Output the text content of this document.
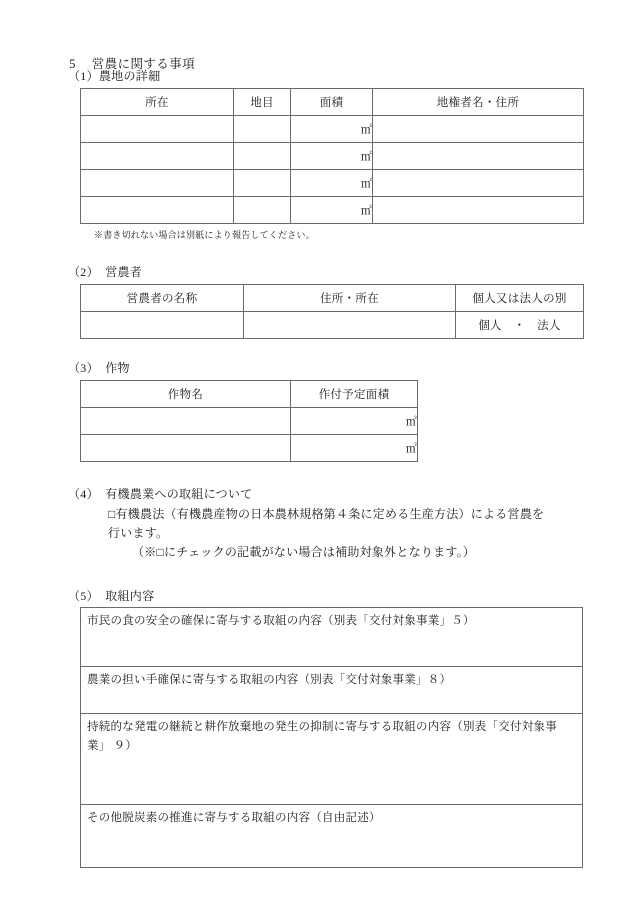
5 営農に関する事項

（1）農地の詳細
所在	地目	面積	地権者名・住所
		㎡	
		㎡	
		㎡	
		㎡	
※書き切れない場合は別紙により報告してください。
（2）　営農者
営農者の名称	住所・所在	個人又は法人の別
		個人　・　法人
（3）　作物
作物名	作付予定面積
	㎡
	㎡
（4）　有機農業への取組について
□有機農法（有機農産物の日本農林規格第４条に定める生産方法）による営農を
行います。
（※□にチェックの記載がない場合は補助対象外となります。）
（5）　取組内容
市民の食の安全の確保に寄与する取組の内容（別表「交付対象事業」５）
農業の担い手確保に寄与する取組の内容（別表「交付対象事業」８）
持続的な発電の継続と耕作放棄地の発生の抑制に寄与する取組の内容（別表「交付対象事業」 ９）
その他脱炭素の推進に寄与する取組の内容（自由記述）
